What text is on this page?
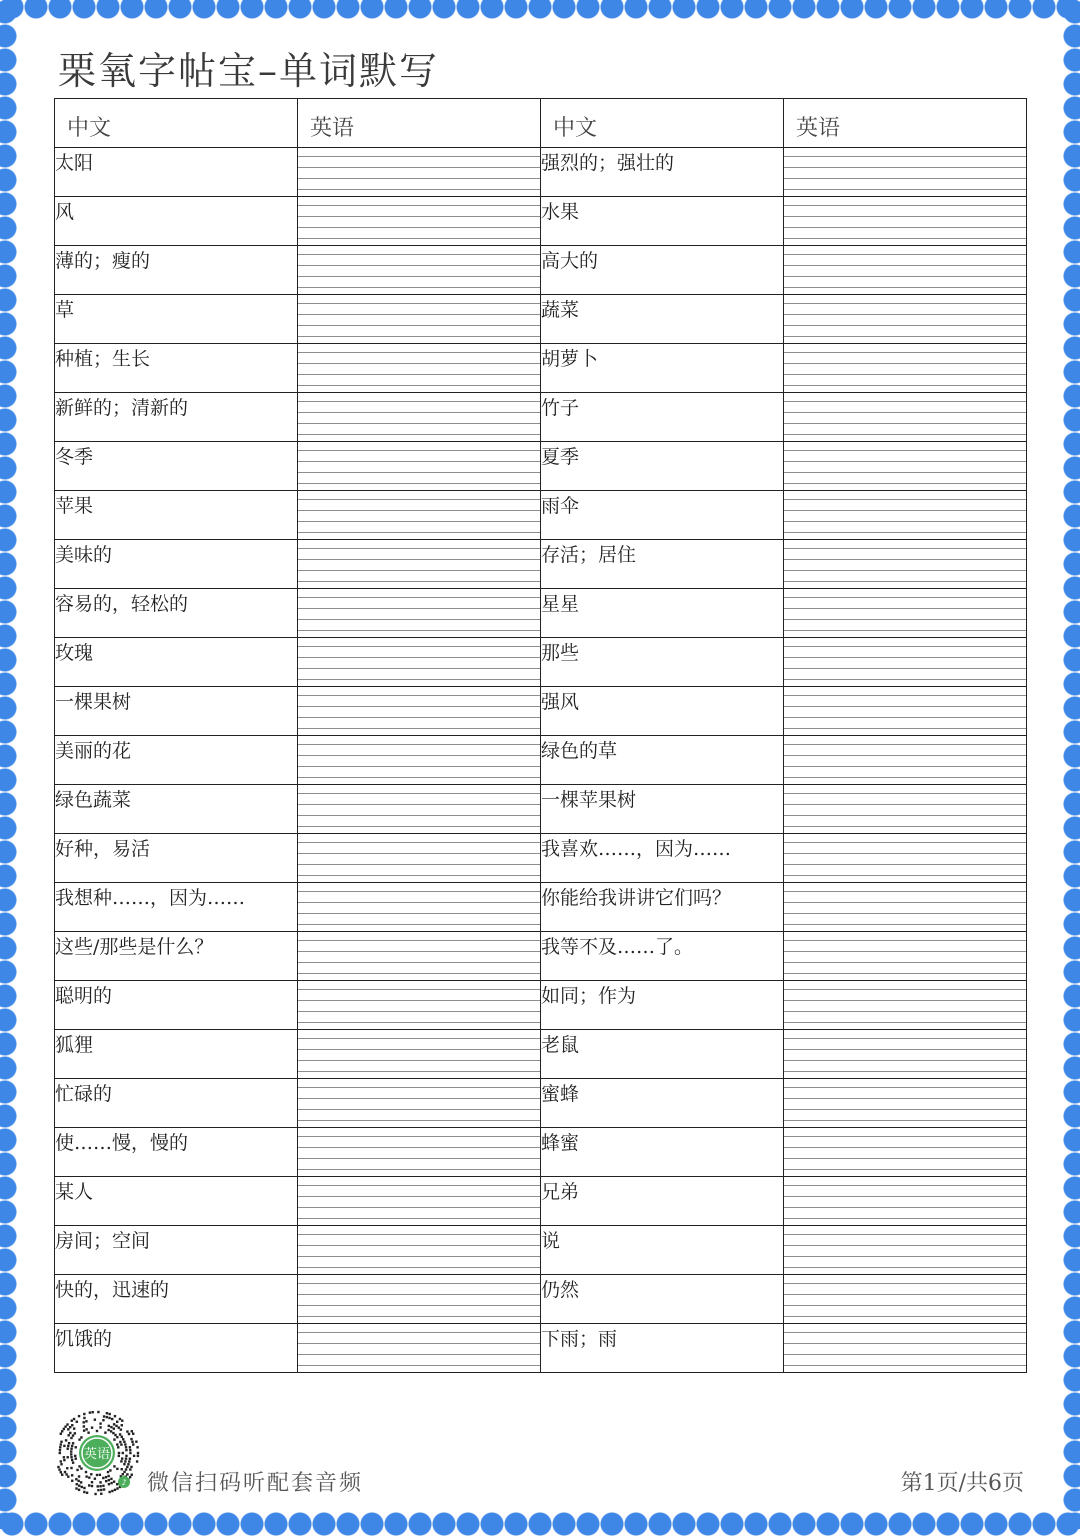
栗氧字帖宝–单词默写
中文	英语	中文	英语
太阳		强烈的；强壮的	

风		水果	

薄的；瘦的		高大的	

草		蔬菜	

种植；生长		胡萝卜	

新鲜的；清新的		竹子	

冬季		夏季	

苹果		雨伞	

美味的		存活；居住	

容易的，轻松的		星星	

玫瑰		那些	

一棵果树		强风	

美丽的花		绿色的草	

绿色蔬菜		一棵苹果树	

好种，易活		我喜欢……，因为……	

我想种……，因为……		你能给我讲讲它们吗？	

这些/那些是什么？		我等不及……了。	

聪明的		如同；作为	

狐狸		老鼠	

忙碌的		蜜蜂	

使……慢，慢的		蜂蜜	

某人		兄弟	

房间；空间		说	

快的，迅速的		仍然	

饥饿的		下雨；雨	
英语
♪ 微信扫码听配套音频	第1页/共6页
